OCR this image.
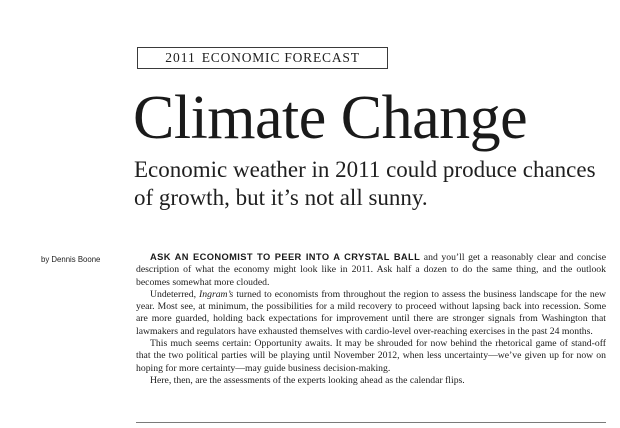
2011 ECONOMIC FORECAST
Climate Change

Economic weather in 2011 could produce chances of growth, but it’s not all sunny.

by Dennis Boone	ASK AN ECONOMIST TO PEER INTO A CRYSTAL BALL and you’ll get a reasonably clear and concise description of what the economy might look like in 2011. Ask half a dozen to do the same thing, and the outlook becomes somewhat more clouded.

Undeterred, Ingram’s turned to economists from throughout the region to assess the business landscape for the new year. Most see, at minimum, the possibilities for a mild recovery to proceed without lapsing back into recession. Some are more guarded, holding back expectations for improvement until there are stronger signals from Washington that lawmakers and regulators have exhausted themselves with cardio-level over-reaching exercises in the past 24 months.

This much seems certain: Opportunity awaits. It may be shrouded for now behind the rhetorical game of stand-off that the two political parties will be playing until November 2012, when less uncertainty—we’ve given up for now on hoping for more certainty—may guide business decision-making.

Here, then, are the assessments of the experts looking ahead as the calendar flips.
